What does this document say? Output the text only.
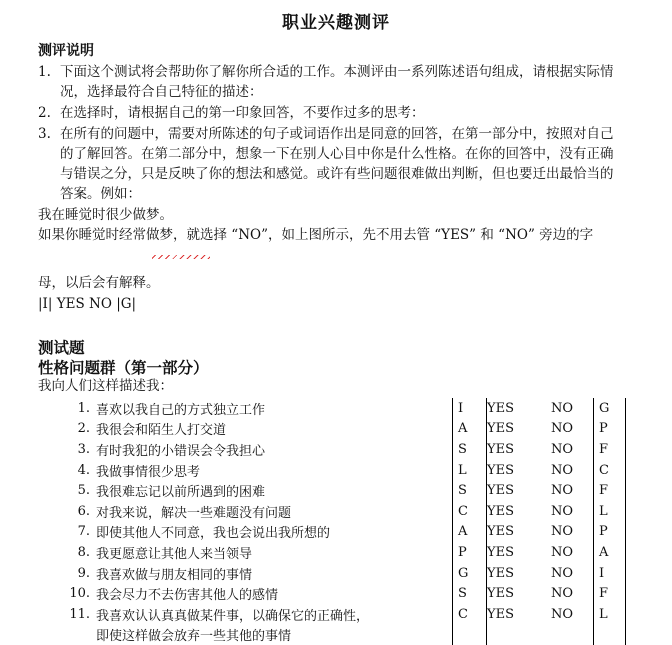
职业兴趣测评
测评说明
1. 下面这个测试将会帮助你了解你所合适的工作。本测评由一系列陈述语句组成，请根据实际情况，选择最符合自己特征的描述：
2. 在选择时，请根据自己的第一印象回答，不要作过多的思考：
3. 在所有的问题中，需要对所陈述的句子或词语作出是同意的回答，在第一部分中，按照对自己的了解回答。在第二部分中，想象一下在别人心目中你是什么性格。在你的回答中，没有正确与错误之分，只是反映了你的想法和感觉。或许有些问题很难做出判断，但也要迁出最恰当的答案。例如：
我在睡觉时很少做梦。
如果你睡觉时经常做梦，就选择 “NO”，如上图所示，先不用去管 “YES” 和 “NO” 旁边的字
母，以后会有解释。
|I| YES NO |G|
测试题
性格问题群（第一部分）
我向人们这样描述我：
1.	喜欢以我自己的方式独立工作	I	YES	NO	G
2.	我很会和陌生人打交道	A	YES	NO	P
3.	有时我犯的小错误会令我担心	S	YES	NO	F
4.	我做事情很少思考	L	YES	NO	C
5.	我很难忘记以前所遇到的困难	S	YES	NO	F
6.	对我来说，解决一些难题没有问题	C	YES	NO	L
7.	即使其他人不同意，我也会说出我所想的	A	YES	NO	P
8.	我更愿意让其他人来当领导	P	YES	NO	A
9.	我喜欢做与朋友相同的事情	G	YES	NO	I
10.	我会尽力不去伤害其他人的感情	S	YES	NO	F
11.	我喜欢认认真真做某件事，以确保它的正确性，	C	YES	NO	L
	即使这样做会放弃一些其他的事情				
